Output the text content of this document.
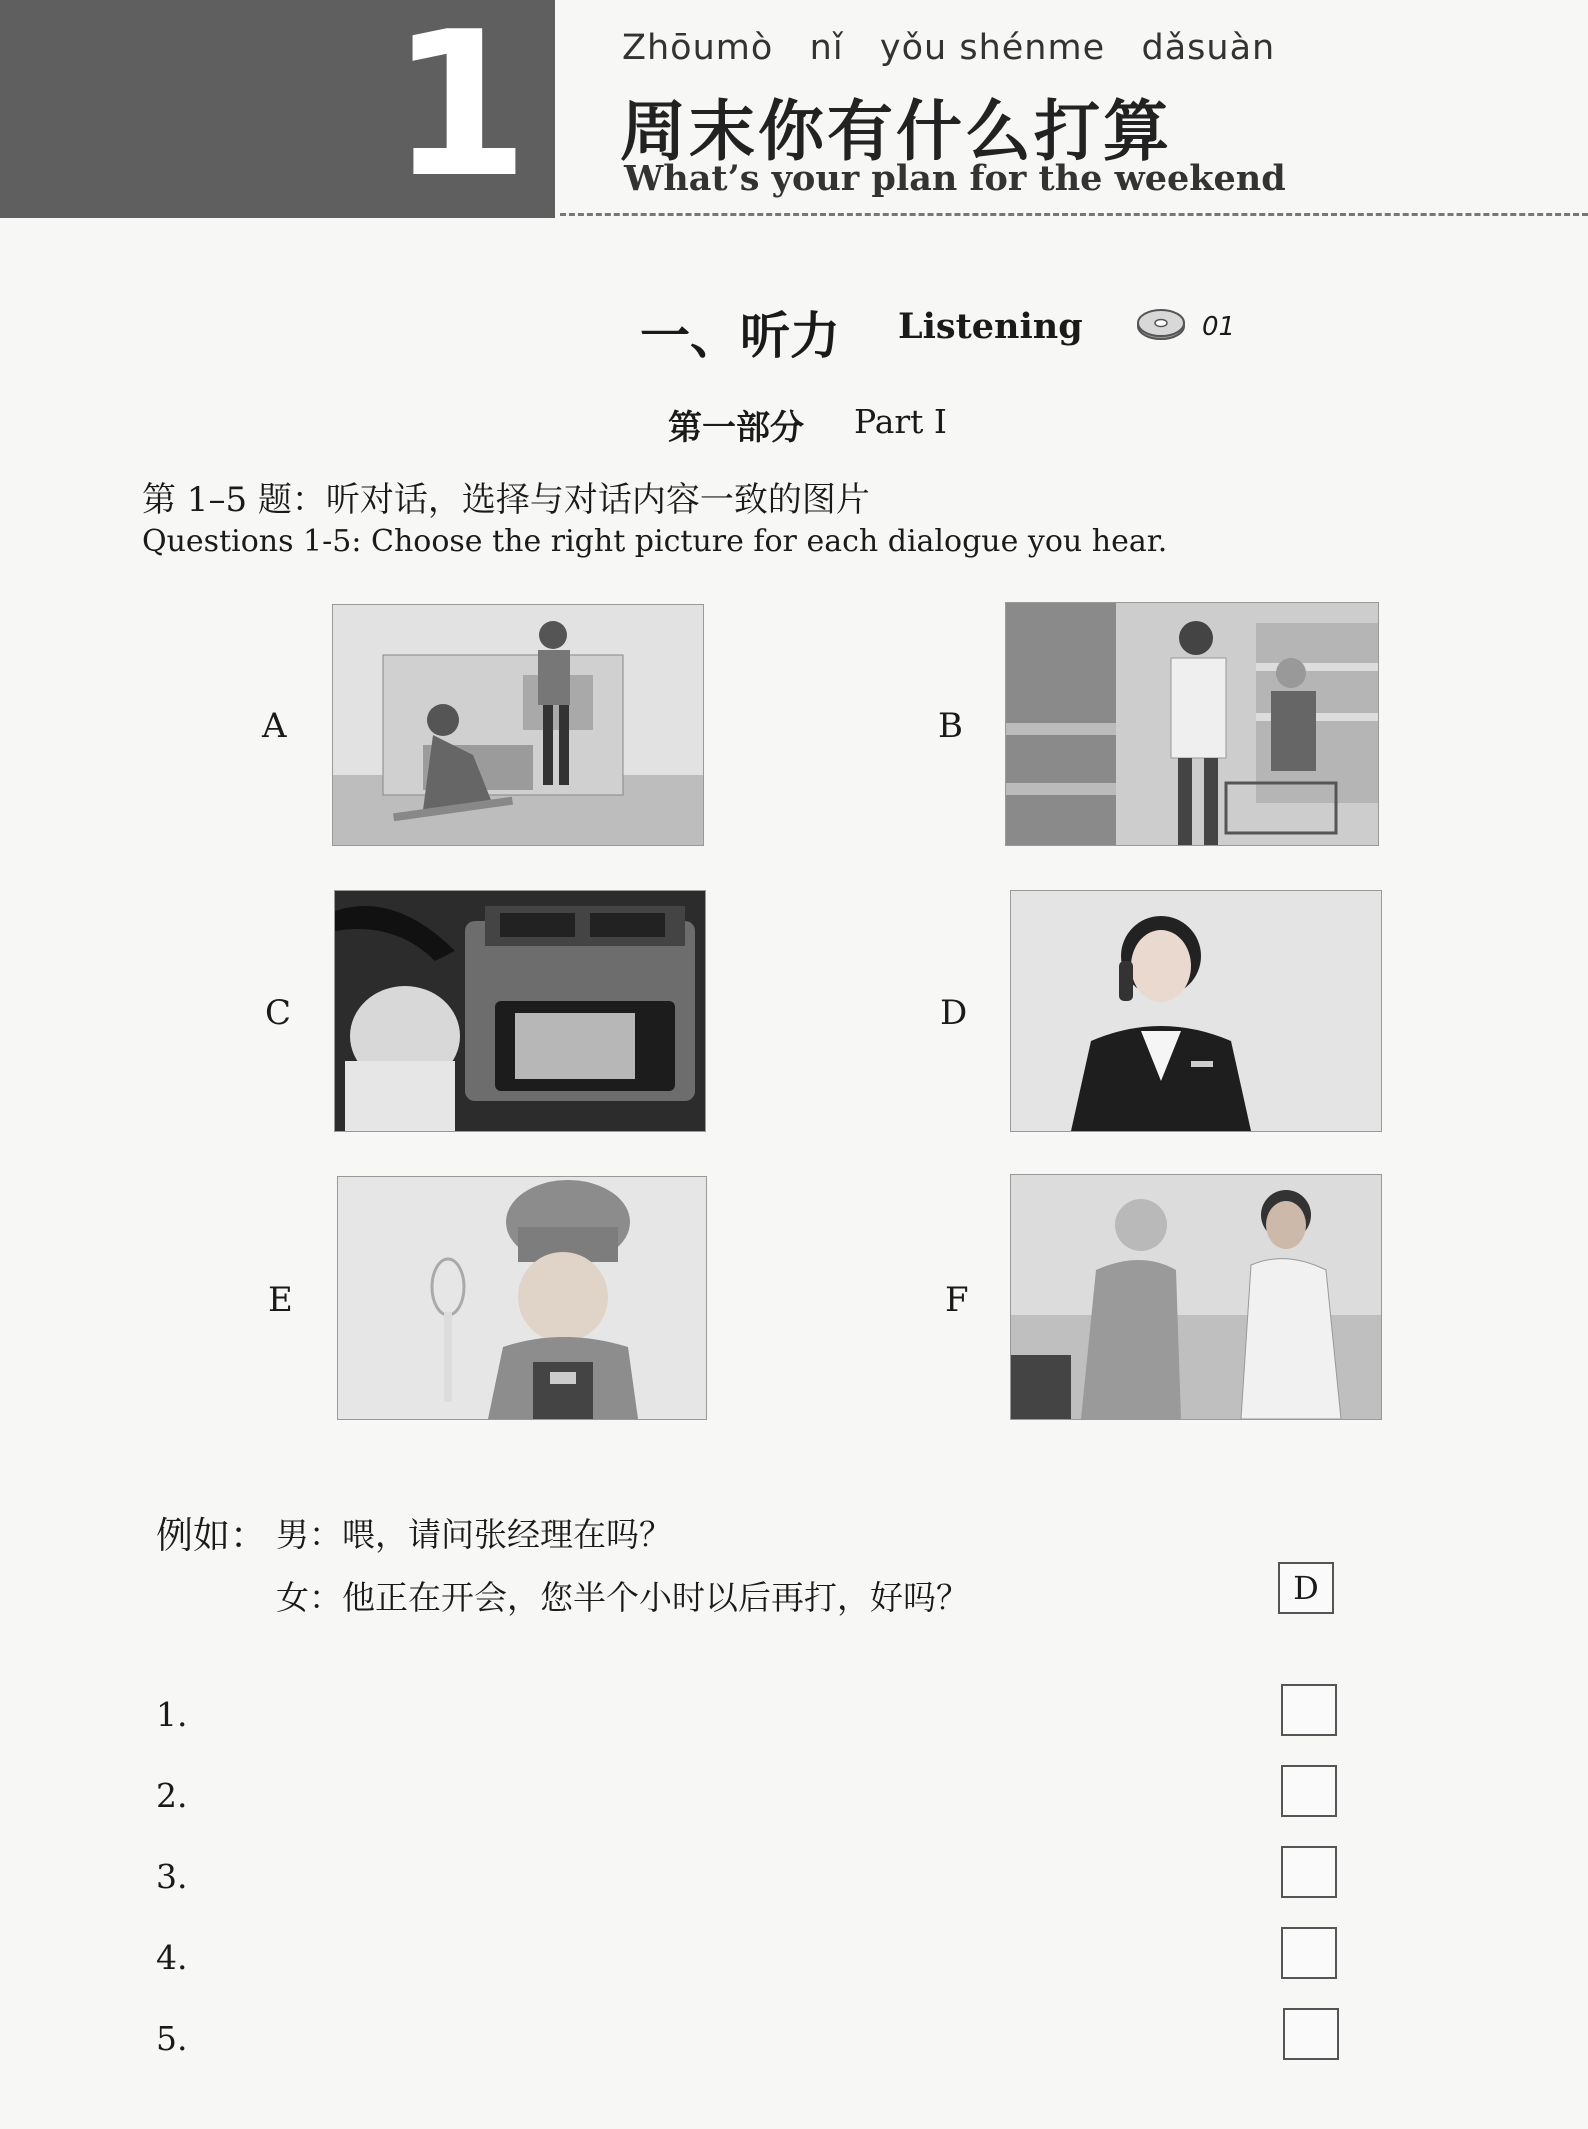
1	Zhōumò   nǐ   yǒu shénme   dǎsuàn
周末你有什么打算
What’s your plan for the weekend
一、听力 Listening	01
第一部分 Part Ⅰ
第 1–5 题：听对话，选择与对话内容一致的图片
Questions 1-5: Choose the right picture for each dialogue you hear.
A	B
C	D
E	F
例如： 男：喂，请问张经理在吗？
女：他正在开会，您半个小时以后再打，好吗？	D
1.
2.
3.
4.
5.
